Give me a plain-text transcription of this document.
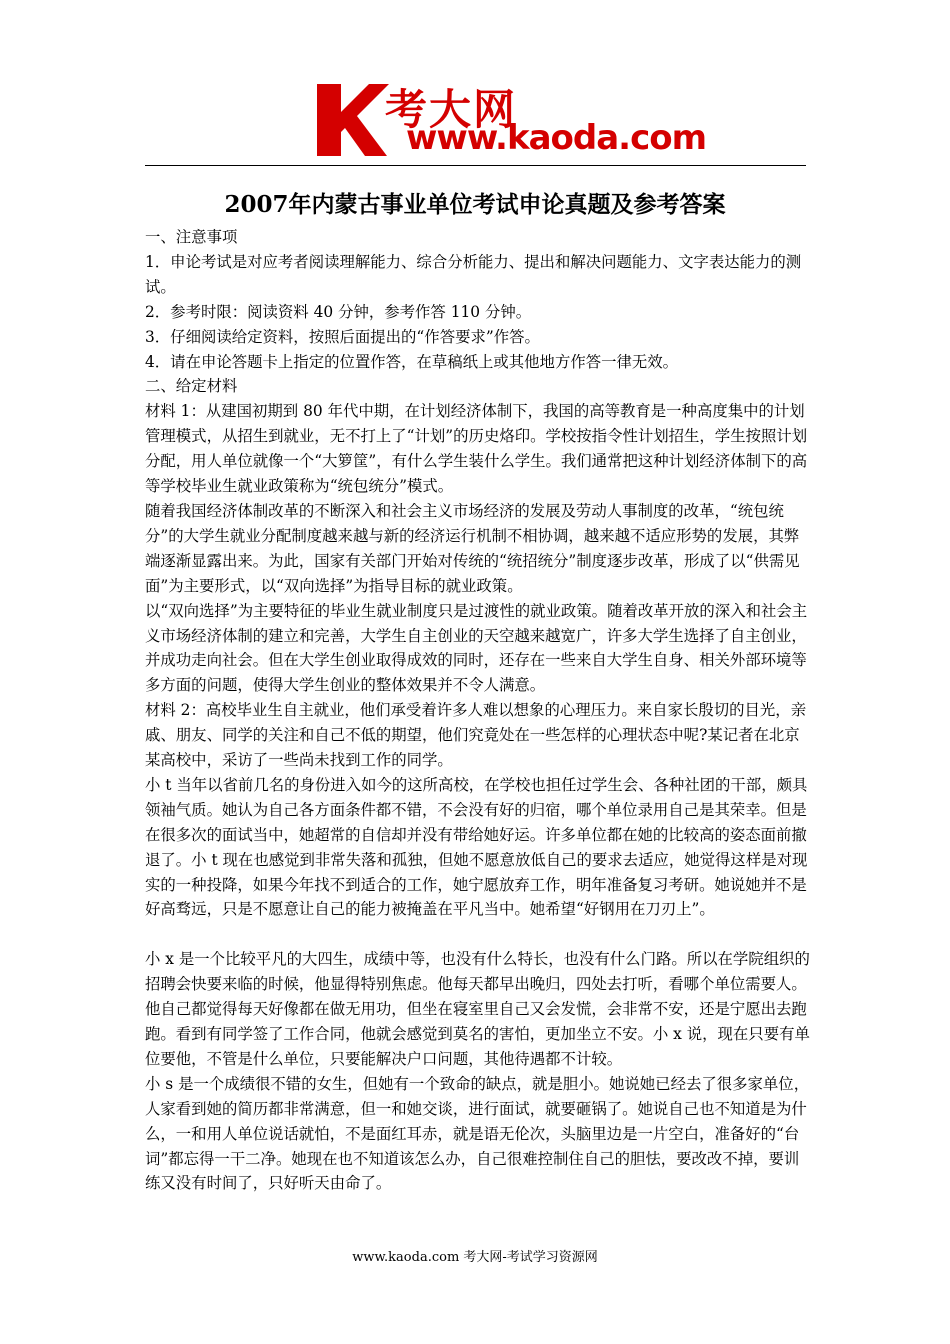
考大网
www.kaoda.com
2007年内蒙古事业单位考试申论真题及参考答案

一、注意事项

1．申论考试是对应考者阅读理解能力、综合分析能力、提出和解决问题能力、文字表达能力的测试。

2．参考时限：阅读资料 40 分钟，参考作答 110 分钟。

3．仔细阅读给定资料，按照后面提出的“作答要求”作答。

4．请在申论答题卡上指定的位置作答，在草稿纸上或其他地方作答一律无效。

二、给定材料

材料 1：从建国初期到 80 年代中期，在计划经济体制下，我国的高等教育是一种高度集中的计划管理模式，从招生到就业，无不打上了“计划”的历史烙印。学校按指令性计划招生，学生按照计划分配，用人单位就像一个“大箩筐”，有什么学生装什么学生。我们通常把这种计划经济体制下的高等学校毕业生就业政策称为“统包统分”模式。

随着我国经济体制改革的不断深入和社会主义市场经济的发展及劳动人事制度的改革，“统包统分”的大学生就业分配制度越来越与新的经济运行机制不相协调，越来越不适应形势的发展，其弊端逐渐显露出来。为此，国家有关部门开始对传统的“统招统分”制度逐步改革，形成了以“供需见面”为主要形式，以“双向选择”为指导目标的就业政策。

以“双向选择”为主要特征的毕业生就业制度只是过渡性的就业政策。随着改革开放的深入和社会主义市场经济体制的建立和完善，大学生自主创业的天空越来越宽广，许多大学生选择了自主创业，并成功走向社会。但在大学生创业取得成效的同时，还存在一些来自大学生自身、相关外部环境等多方面的问题，使得大学生创业的整体效果并不令人满意。

材料 2：高校毕业生自主就业，他们承受着许多人难以想象的心理压力。来自家长殷切的目光，亲戚、朋友、同学的关注和自己不低的期望，他们究竟处在一些怎样的心理状态中呢?某记者在北京某高校中，采访了一些尚未找到工作的同学。

小 t 当年以省前几名的身份进入如今的这所高校，在学校也担任过学生会、各种社团的干部，颇具领袖气质。她认为自己各方面条件都不错，不会没有好的归宿，哪个单位录用自己是其荣幸。但是在很多次的面试当中，她超常的自信却并没有带给她好运。许多单位都在她的比较高的姿态面前撤退了。小 t 现在也感觉到非常失落和孤独，但她不愿意放低自己的要求去适应，她觉得这样是对现实的一种投降，如果今年找不到适合的工作，她宁愿放弃工作，明年准备复习考研。她说她并不是好高骛远，只是不愿意让自己的能力被掩盖在平凡当中。她希望“好钢用在刀刃上”。

小 x 是一个比较平凡的大四生，成绩中等，也没有什么特长，也没有什么门路。所以在学院组织的招聘会快要来临的时候，他显得特别焦虑。他每天都早出晚归，四处去打听，看哪个单位需要人。他自己都觉得每天好像都在做无用功，但坐在寝室里自己又会发慌，会非常不安，还是宁愿出去跑跑。看到有同学签了工作合同，他就会感觉到莫名的害怕，更加坐立不安。小 x 说，现在只要有单位要他，不管是什么单位，只要能解决户口问题，其他待遇都不计较。

小 s 是一个成绩很不错的女生，但她有一个致命的缺点，就是胆小。她说她已经去了很多家单位，人家看到她的简历都非常满意，但一和她交谈，进行面试，就要砸锅了。她说自己也不知道是为什么，一和用人单位说话就怕，不是面红耳赤，就是语无伦次，头脑里边是一片空白，准备好的“台词”都忘得一干二净。她现在也不知道该怎么办，自己很难控制住自己的胆怯，要改改不掉，要训练又没有时间了，只好听天由命了。

www.kaoda.com 考大网-考试学习资源网
